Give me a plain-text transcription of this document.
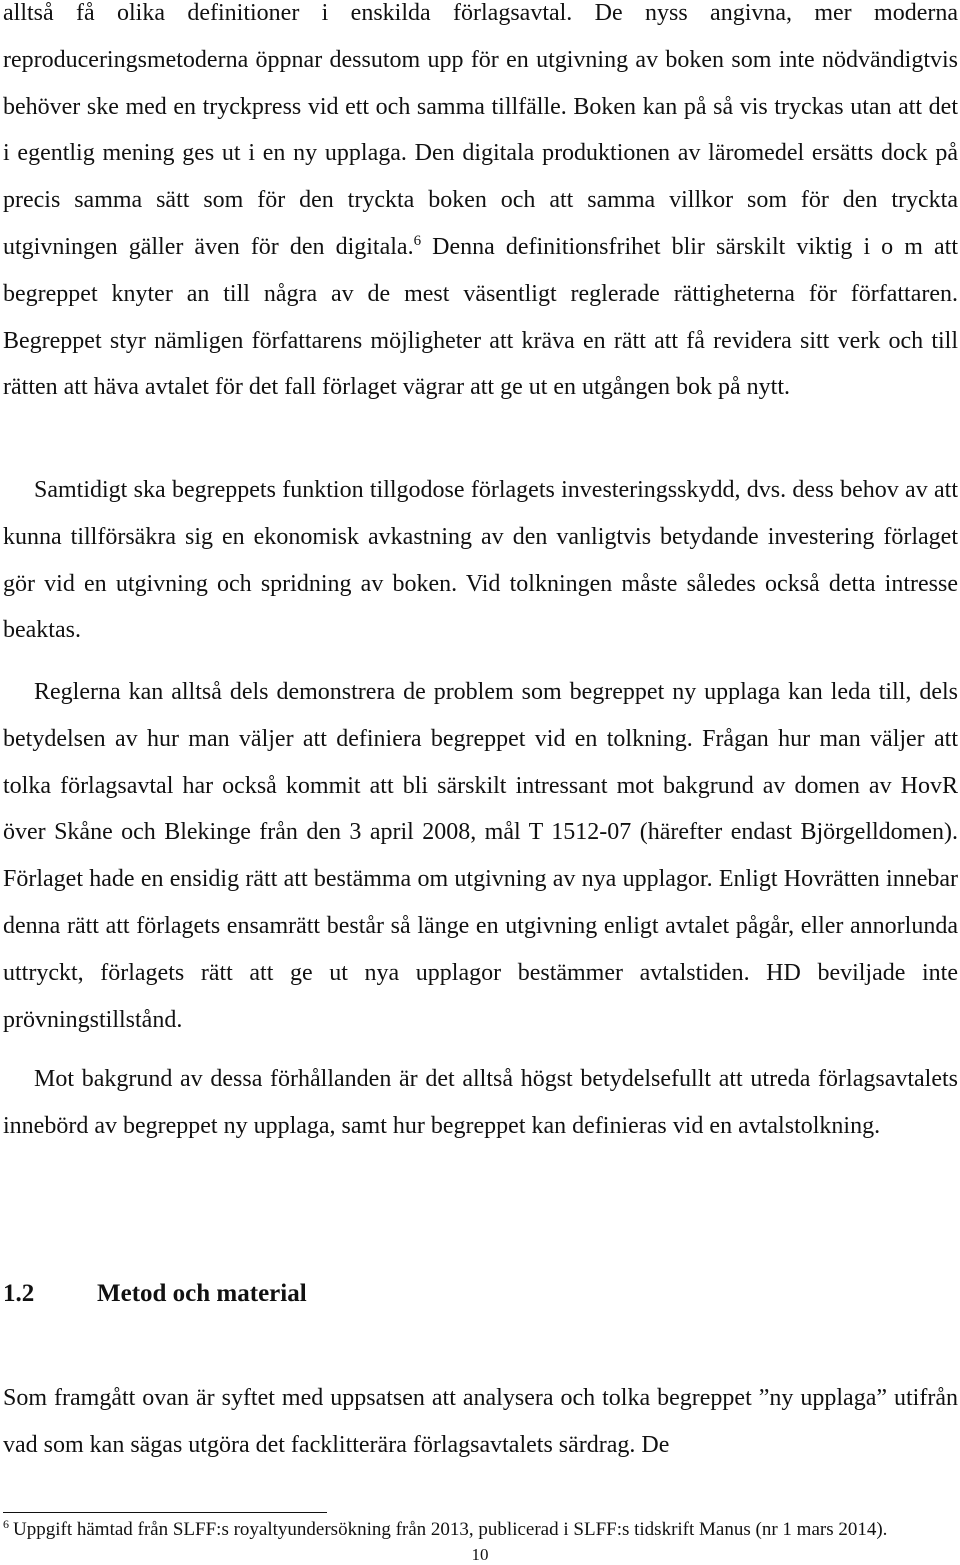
alltså få olika definitioner i enskilda förlagsavtal. De nyss angivna, mer moderna reproduceringsmetoderna öppnar dessutom upp för en utgivning av boken som inte nödvändigtvis behöver ske med en tryckpress vid ett och samma tillfälle. Boken kan på så vis tryckas utan att det i egentlig mening ges ut i en ny upplaga. Den digitala produktionen av läromedel ersätts dock på precis samma sätt som för den tryckta boken och att samma villkor som för den tryckta utgivningen gäller även för den digitala.$^6$ Denna definitionsfrihet blir särskilt viktig i o m att begreppet knyter an till några av de mest väsentligt reglerade rättigheterna för författaren. Begreppet styr nämligen författarens möjligheter att kräva en rätt att få revidera sitt verk och till rätten att häva avtalet för det fall förlaget vägrar att ge ut en utgången bok på nytt.

Samtidigt ska begreppets funktion tillgodose förlagets investeringsskydd, dvs. dess behov av att kunna tillförsäkra sig en ekonomisk avkastning av den vanligtvis betydande investering förlaget gör vid en utgivning och spridning av boken. Vid tolkningen måste således också detta intresse beaktas.

Reglerna kan alltså dels demonstrera de problem som begreppet ny upplaga kan leda till, dels betydelsen av hur man väljer att definiera begreppet vid en tolkning. Frågan hur man väljer att tolka förlagsavtal har också kommit att bli särskilt intressant mot bakgrund av domen av HovR över Skåne och Blekinge från den 3 april 2008, mål T 1512-07 (härefter endast Björgelldomen). Förlaget hade en ensidig rätt att bestämma om utgivning av nya upplagor. Enligt Hovrätten innebar denna rätt att förlagets ensamrätt består så länge en utgivning enligt avtalet pågår, eller annorlunda uttryckt, förlagets rätt att ge ut nya upplagor bestämmer avtalstiden. HD beviljade inte prövningstillstånd.

Mot bakgrund av dessa förhållanden är det alltså högst betydelsefullt att utreda förlagsavtalets innebörd av begreppet ny upplaga, samt hur begreppet kan definieras vid en avtalstolkning.

1.2	Metod och material

Som framgått ovan är syftet med uppsatsen att analysera och tolka begreppet ”ny upplaga” utifrån vad som kan sägas utgöra det facklitterära förlagsavtalets särdrag. De

$^6$ Uppgift hämtad från SLFF:s royaltyundersökning från 2013, publicerad i SLFF:s tidskrift Manus (nr 1 mars 2014).

10
